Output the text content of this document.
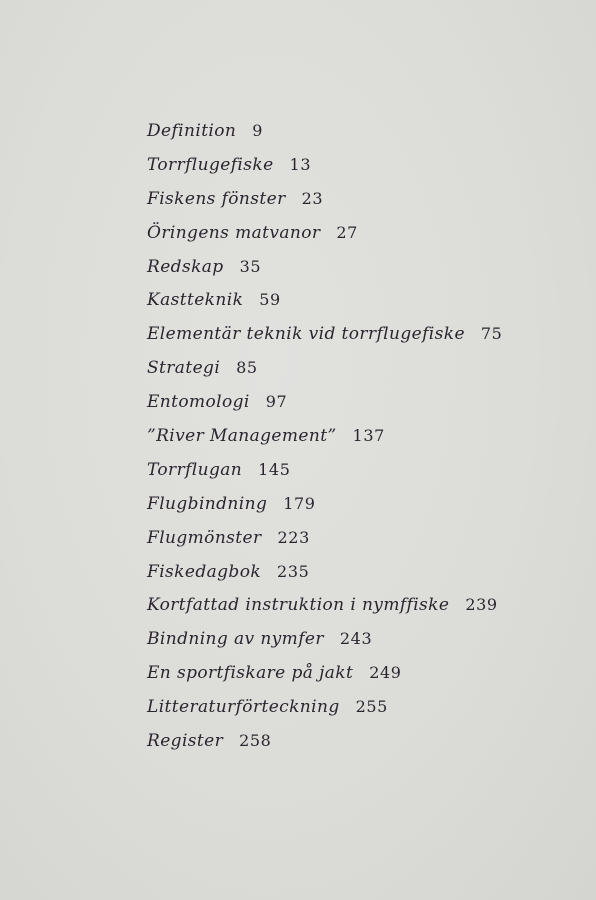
Definition 9
Torrflugefiske 13
Fiskens fönster 23
Öringens matvanor 27
Redskap 35
Kastteknik 59
Elementär teknik vid torrflugefiske 75
Strategi 85
Entomologi 97
”River Management” 137
Torrflugan 145
Flugbindning 179
Flugmönster 223
Fiskedagbok 235
Kortfattad instruktion i nymffiske 239
Bindning av nymfer 243
En sportfiskare på jakt 249
Litteraturförteckning 255
Register 258
